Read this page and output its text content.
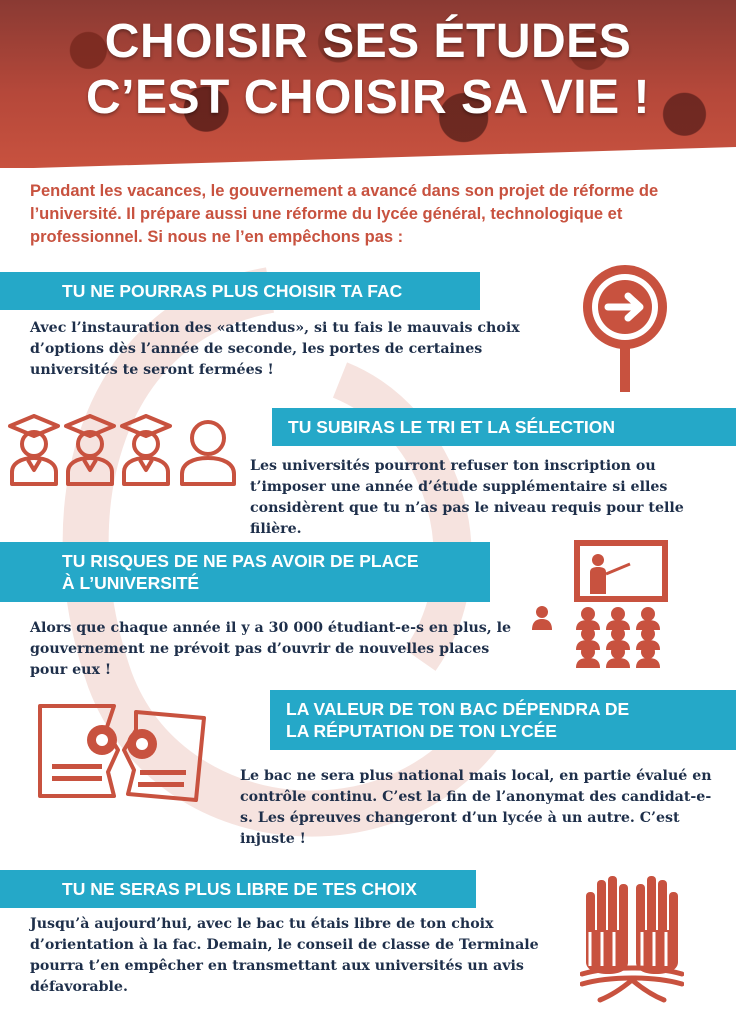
CHOISIR SES ÉTUDES
C’EST CHOISIR SA VIE !

Pendant les vacances, le gouvernement a avancé dans son projet de réforme de l’université. Il prépare aussi une réforme du lycée général, technologique et professionnel. Si nous ne l’en empêchons pas :

TU NE POURRAS PLUS CHOISIR TA FAC

Avec l’instauration des «attendus», si tu fais le mauvais choix d’options dès l’année de seconde, les portes de certaines universités te seront fermées !

TU SUBIRAS LE TRI ET LA SÉLECTION

Les universités pourront refuser ton inscription ou t’imposer une année d’étude supplémentaire si elles considèrent que tu n’as pas le niveau requis pour telle filière.

TU RISQUES DE NE PAS AVOIR DE PLACE
À L’UNIVERSITÉ

Alors que chaque année il y a 30 000 étudiant-e-s en plus, le gouvernement ne prévoit pas d’ouvrir de nouvelles places pour eux !

LA VALEUR DE TON BAC DÉPENDRA DE
LA RÉPUTATION DE TON LYCÉE

Le bac ne sera plus national mais local, en partie évalué en contrôle continu. C’est la fin de l’anonymat des candidat-e-s. Les épreuves changeront d’un lycée à un autre. C’est injuste !

TU NE SERAS PLUS LIBRE DE TES CHOIX

Jusqu’à aujourd’hui, avec le bac tu étais libre de ton choix d’orientation à la fac. Demain, le conseil de classe de Terminale pourra t’en empêcher en transmettant aux universités un avis défavorable.
